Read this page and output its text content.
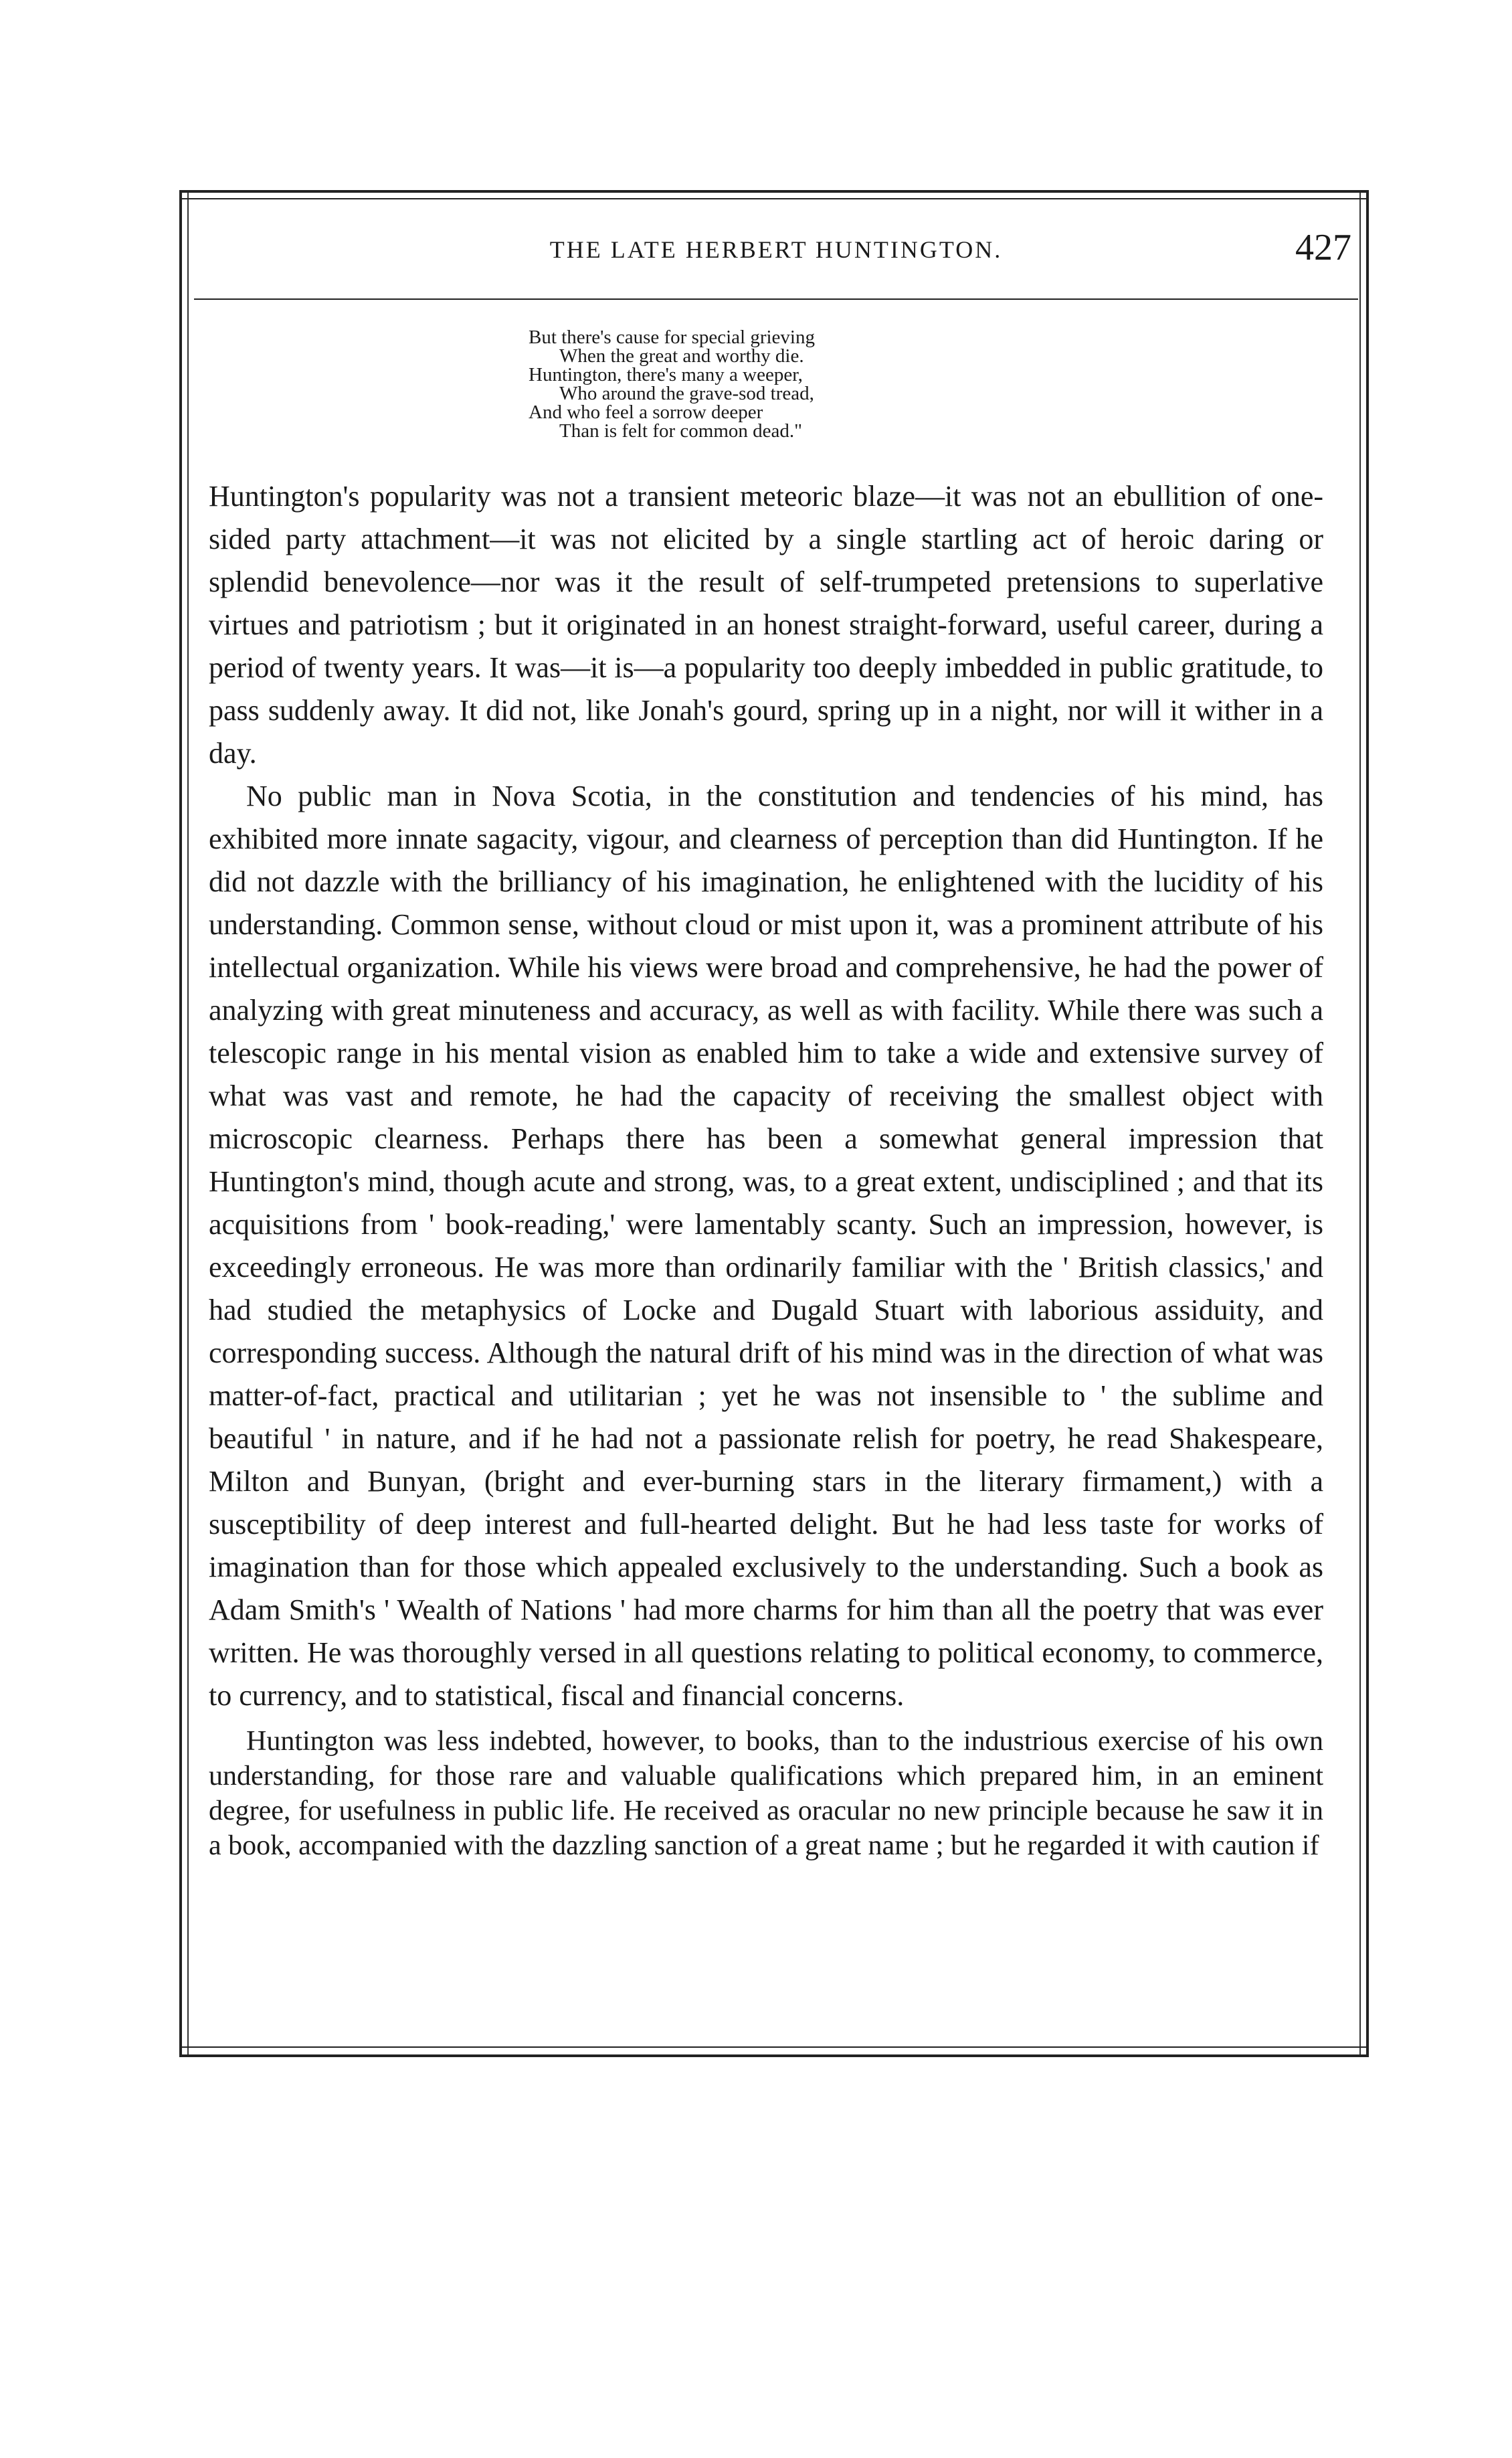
THE LATE HERBERT HUNTINGTON.	427
But there's cause for special grieving
When the great and worthy die.
Huntington, there's many a weeper,
Who around the grave-sod tread,
And who feel a sorrow deeper
Than is felt for common dead."

Huntington's popularity was not a transient meteoric blaze—it was not an ebullition of one-sided party attachment—it was not elicited by a single startling act of heroic daring or splendid benevolence—nor was it the result of self-trumpeted pretensions to superlative virtues and patriotism ; but it originated in an honest straight-forward, useful career, during a period of twenty years. It was—it is—a popularity too deeply imbedded in public gratitude, to pass suddenly away. It did not, like Jonah's gourd, spring up in a night, nor will it wither in a day.

No public man in Nova Scotia, in the constitution and tendencies of his mind, has exhibited more innate sagacity, vigour, and clearness of perception than did Huntington. If he did not dazzle with the brilliancy of his imagination, he enlightened with the lucidity of his understanding. Common sense, without cloud or mist upon it, was a prominent attribute of his intellectual organization. While his views were broad and comprehensive, he had the power of analyzing with great minuteness and accuracy, as well as with facility. While there was such a telescopic range in his mental vision as enabled him to take a wide and extensive survey of what was vast and remote, he had the capacity of receiving the smallest object with microscopic clearness. Perhaps there has been a somewhat general impression that Huntington's mind, though acute and strong, was, to a great extent, undisciplined ; and that its acquisitions from ' book-reading,' were lamentably scanty. Such an impression, however, is exceedingly erroneous. He was more than ordinarily familiar with the ' British classics,' and had studied the metaphysics of Locke and Dugald Stuart with laborious assiduity, and corresponding success. Although the natural drift of his mind was in the direction of what was matter-of-fact, practical and utilitarian ; yet he was not insensible to ' the sublime and beautiful ' in nature, and if he had not a passionate relish for poetry, he read Shakespeare, Milton and Bunyan, (bright and ever-burning stars in the literary firmament,) with a susceptibility of deep interest and full-hearted delight. But he had less taste for works of imagination than for those which appealed exclusively to the understanding. Such a book as Adam Smith's ' Wealth of Nations ' had more charms for him than all the poetry that was ever written. He was thoroughly versed in all questions relating to political economy, to commerce, to currency, and to statistical, fiscal and financial concerns.

Huntington was less indebted, however, to books, than to the industrious exercise of his own understanding, for those rare and valuable qualifications which prepared him, in an eminent degree, for usefulness in public life. He received as oracular no new principle because he saw it in a book, accompanied with the dazzling sanction of a great name ; but he regarded it with caution if
